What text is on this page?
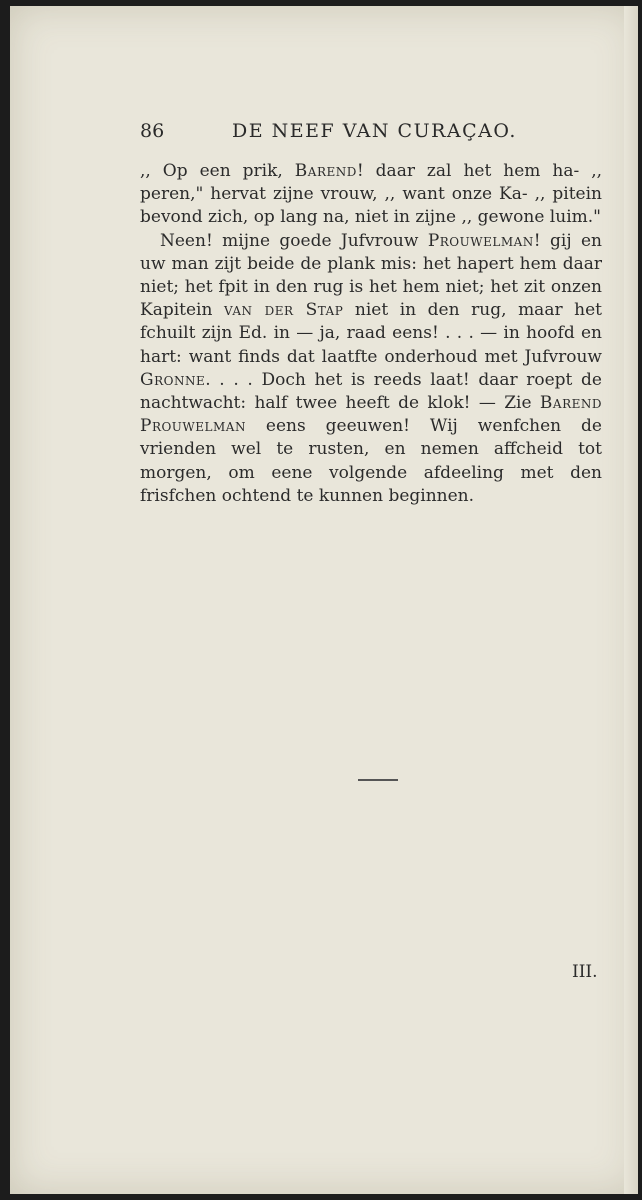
86	DE NEEF VAN CURAÇAO.

,, Op een prik, Barend! daar zal het hem ha- ,, peren," hervat zijne vrouw, ,, want onze Ka- ,, pitein bevond zich, op lang na, niet in zijne ,, gewone luim."

Neen! mijne goede Jufvrouw Prouwelman! gij en uw man zijt beide de plank mis: het hapert hem daar niet; het fpit in den rug is het hem niet; het zit onzen Kapitein van der Stap niet in den rug, maar het fchuilt zijn Ed. in — ja, raad eens! . . . — in hoofd en hart: want finds dat laatfte onderhoud met Jufvrouw Gronne. . . . Doch het is reeds laat! daar roept de nachtwacht: half twee heeft de klok! — Zie Barend Prouwelman eens geeuwen! Wij wenfchen de vrienden wel te rusten, en nemen affcheid tot morgen, om eene volgende afdeeling met den frisfchen ochtend te kunnen beginnen.

III.
